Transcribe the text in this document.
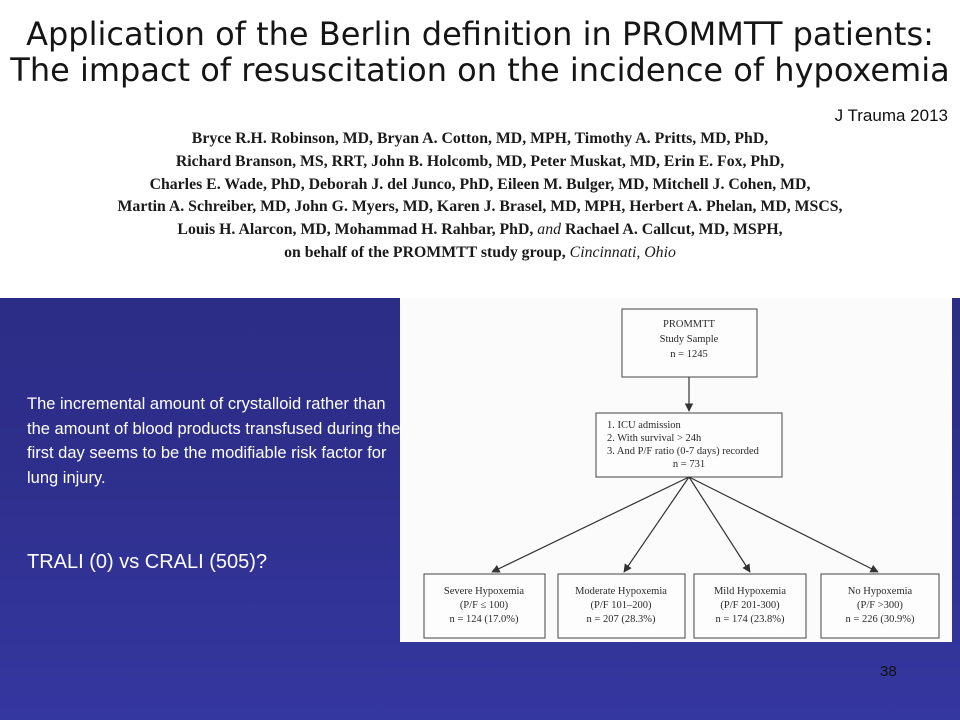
Application of the Berlin definition in PROMMTT patients:
The impact of resuscitation on the incidence of hypoxemia
J Trauma 2013
Bryce R.H. Robinson, MD, Bryan A. Cotton, MD, MPH, Timothy A. Pritts, MD, PhD,
Richard Branson, MS, RRT, John B. Holcomb, MD, Peter Muskat, MD, Erin E. Fox, PhD,
Charles E. Wade, PhD, Deborah J. del Junco, PhD, Eileen M. Bulger, MD, Mitchell J. Cohen, MD,
Martin A. Schreiber, MD, John G. Myers, MD, Karen J. Brasel, MD, MPH, Herbert A. Phelan, MD, MSCS,
Louis H. Alarcon, MD, Mohammad H. Rahbar, PhD, and Rachael A. Callcut, MD, MSPH,
on behalf of the PROMMTT study group, Cincinnati, Ohio
The incremental amount of crystalloid rather than the amount of blood products transfused during the first day seems to be the modifiable risk factor for lung injury.
TRALI (0) vs CRALI (505)?
38
PROMMTT
Study Sample
n = 1245
1. ICU admission
2. With survival > 24h
3. And P/F ratio (0-7 days) recorded
n = 731
Severe Hypoxemia
(P/F ≤ 100)
n = 124 (17.0%)
Moderate Hypoxemia
(P/F 101–200)
n = 207 (28.3%)
Mild Hypoxemia
(P/F 201-300)
n = 174 (23.8%)
No Hypoxemia
(P/F >300)
n = 226 (30.9%)
